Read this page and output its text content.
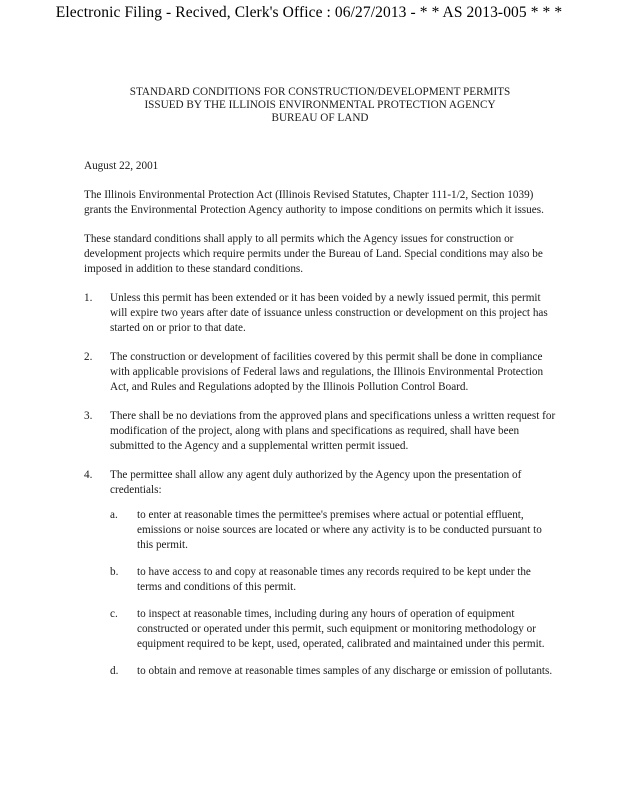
Electronic Filing - Recived, Clerk's Office : 06/27/2013 - * * AS 2013-005 * * *
STANDARD CONDITIONS FOR CONSTRUCTION/DEVELOPMENT PERMITS
ISSUED BY THE ILLINOIS ENVIRONMENTAL PROTECTION AGENCY
BUREAU OF LAND
August 22, 2001

The Illinois Environmental Protection Act (Illinois Revised Statutes, Chapter 111-1/2, Section 1039) grants the Environmental Protection Agency authority to impose conditions on permits which it issues.

These standard conditions shall apply to all permits which the Agency issues for construction or development projects which require permits under the Bureau of Land. Special conditions may also be imposed in addition to these standard conditions.

1.	Unless this permit has been extended or it has been voided by a newly issued permit, this permit will expire two years after date of issuance unless construction or development on this project has started on or prior to that date.
2.	The construction or development of facilities covered by this permit shall be done in compliance with applicable provisions of Federal laws and regulations, the Illinois Environmental Protection Act, and Rules and Regulations adopted by the Illinois Pollution Control Board.
3.	There shall be no deviations from the approved plans and specifications unless a written request for modification of the project, along with plans and specifications as required, shall have been submitted to the Agency and a supplemental written permit issued.
4.	The permittee shall allow any agent duly authorized by the Agency upon the presentation of credentials:
a.	to enter at reasonable times the permittee's premises where actual or potential effluent, emissions or noise sources are located or where any activity is to be conducted pursuant to this permit.
b.	to have access to and copy at reasonable times any records required to be kept under the terms and conditions of this permit.
c.	to inspect at reasonable times, including during any hours of operation of equipment constructed or operated under this permit, such equipment or monitoring methodology or equipment required to be kept, used, operated, calibrated and maintained under this permit.
d.	to obtain and remove at reasonable times samples of any discharge or emission of pollutants.
